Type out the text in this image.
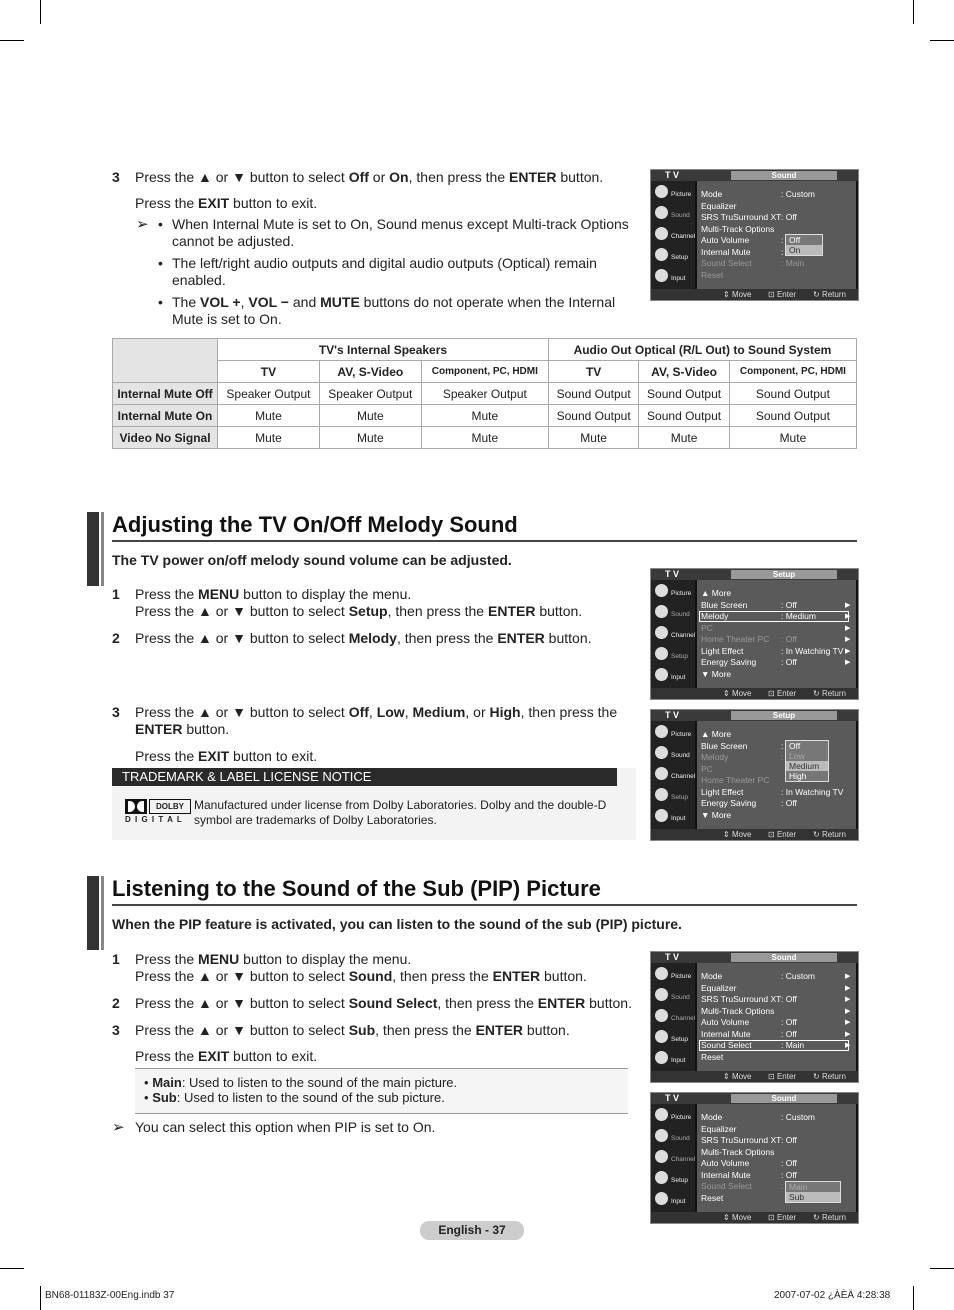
3 Press the ▲ or ▼ button to select Off or On, then press the ENTER button.
Press the EXIT button to exit.
➢ • When Internal Mute is set to On, Sound menus except Multi-track Options
cannot be adjusted.
• The left/right audio outputs and digital audio outputs (Optical) remain
enabled.
• The VOL +, VOL − and MUTE buttons do not operate when the Internal
Mute is set to On.
	TV's Internal Speakers			Audio Out Optical (R/L Out) to Sound System		
	TV	AV, S-Video	Component, PC, HDMI	TV	AV, S-Video	Component, PC, HDMI
Internal Mute Off	Speaker Output	Speaker Output	Speaker Output	Sound Output	Sound Output	Sound Output
Internal Mute On	Mute	Mute	Mute	Sound Output	Sound Output	Sound Output
Video No Signal	Mute	Mute	Mute	Mute	Mute	Mute
Adjusting the TV On/Off Melody Sound
The TV power on/off melody sound volume can be adjusted.
1 Press the MENU button to display the menu.
Press the ▲ or ▼ button to select Setup, then press the ENTER button.
2 Press the ▲ or ▼ button to select Melody, then press the ENTER button.
3 Press the ▲ or ▼ button to select Off, Low, Medium, or High, then press the
ENTER button.
Press the EXIT button to exit.
TRADEMARK & LABEL LICENSE NOTICE
DOLBY
D I G I T A L
Manufactured under license from Dolby Laboratories. Dolby and the double-D
symbol are trademarks of Dolby Laboratories.
Listening to the Sound of the Sub (PIP) Picture
When the PIP feature is activated, you can listen to the sound of the sub (PIP) picture.
1 Press the MENU button to display the menu.
Press the ▲ or ▼ button to select Sound, then press the ENTER button.
2 Press the ▲ or ▼ button to select Sound Select, then press the ENTER button.
3 Press the ▲ or ▼ button to select Sub, then press the ENTER button.
Press the EXIT button to exit.
• Main: Used to listen to the sound of the main picture.
• Sub: Used to listen to the sound of the sub picture.
➢ You can select this option when PIP is set to On.
T V	Sound
Picture
Sound
Channel
Setup
Input
Mode	: Custom
Equalizer
SRS TruSurround XT : Off
Multi-Track Options
Auto Volume	:
Internal Mute	:
Sound Select	: Main
Reset
Off
On
⇕ Move ⊡ Enter ↻ Return
T V	Setup
Picture
Sound
Channel
Setup
Input
▲ More
Blue Screen	: Off	▶
Melody	: Medium	▶
PC	▶
Home Theater PC : Off	▶
Light Effect	: In Watching TV ▶
Energy Saving	: Off	▶
▼ More
⇕ Move ⊡ Enter ↻ Return
T V	Setup
Picture
Sound
Channel
Setup
Input
▲ More
Blue Screen	:
Melody	:
PC
Home Theater PC
Light Effect	: In Watching TV
Energy Saving	: Off
▼ More
Off
Low
Medium
High
⇕ Move ⊡ Enter ↻ Return
T V	Sound
Picture
Sound
Channel
Setup
Input
Mode	: Custom	▶
Equalizer	▶
SRS TruSurround XT : Off	▶
Multi-Track Options	▶
Auto Volume	: Off	▶
Internal Mute	: Off	▶
Sound Select	: Main	▶
Reset
⇕ Move ⊡ Enter ↻ Return
T V	Sound
Picture
Sound
Channel
Setup
Input
Mode	: Custom
Equalizer
SRS TruSurround XT : Off
Multi-Track Options
Auto Volume	: Off
Internal Mute	: Off
Sound Select	:
Reset
Main
Sub
⇕ Move ⊡ Enter ↻ Return
English - 37
BN68-01183Z-00Eng.indb 37	2007-07-02 ¿ÀÈÄ 4:28:38
